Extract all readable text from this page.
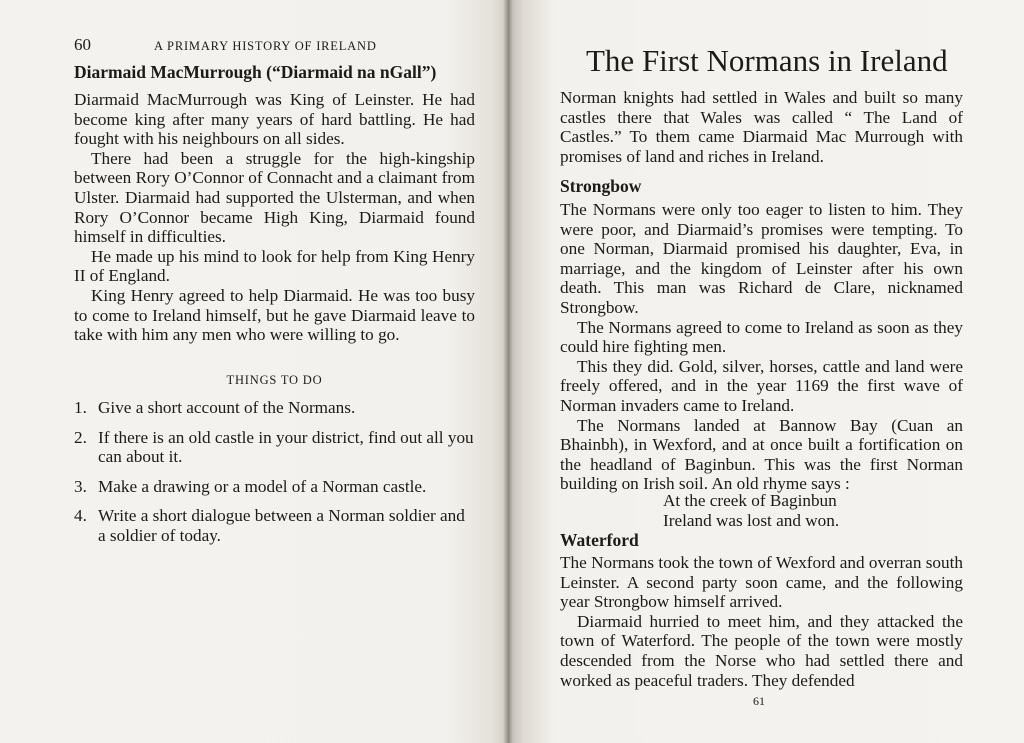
60	A PRIMARY HISTORY OF IRELAND
Diarmaid MacMurrough (“Diarmaid na nGall”)

Diarmaid MacMurrough was King of Leinster. He had become king after many years of hard battling. He had fought with his neighbours on all sides.

There had been a struggle for the high-kingship between Rory O’Connor of Connacht and a claimant from Ulster. Diarmaid had supported the Ulsterman, and when Rory O’Connor became High King, Diarmaid found himself in difficulties.

He made up his mind to look for help from King Henry II of England.

King Henry agreed to help Diarmaid. He was too busy to come to Ireland himself, but he gave Diarmaid leave to take with him any men who were willing to go.

THINGS TO DO
1. Give a short account of the Normans.
2. If there is an old castle in your district, find out all you can about it.
3. Make a drawing or a model of a Norman castle.
4. Write a short dialogue between a Norman soldier and a soldier of today.
The First Normans in Ireland

Norman knights had settled in Wales and built so many castles there that Wales was called “ The Land of Castles.” To them came Diarmaid Mac Murrough with promises of land and riches in Ireland.

Strongbow

The Normans were only too eager to listen to him. They were poor, and Diarmaid’s promises were tempting. To one Norman, Diarmaid promised his daughter, Eva, in marriage, and the kingdom of Leinster after his own death. This man was Richard de Clare, nicknamed Strongbow.

The Normans agreed to come to Ireland as soon as they could hire fighting men.

This they did. Gold, silver, horses, cattle and land were freely offered, and in the year 1169 the first wave of Norman invaders came to Ireland.

The Normans landed at Bannow Bay (Cuan an Bhainbh), in Wexford, and at once built a fortification on the headland of Baginbun. This was the first Norman building on Irish soil. An old rhyme says :

At the creek of Baginbun
Ireland was lost and won.
Waterford

The Normans took the town of Wexford and overran south Leinster. A second party soon came, and the following year Strongbow himself arrived.

Diarmaid hurried to meet him, and they attacked the town of Waterford. The people of the town were mostly descended from the Norse who had settled there and worked as peaceful traders. They defended

61
